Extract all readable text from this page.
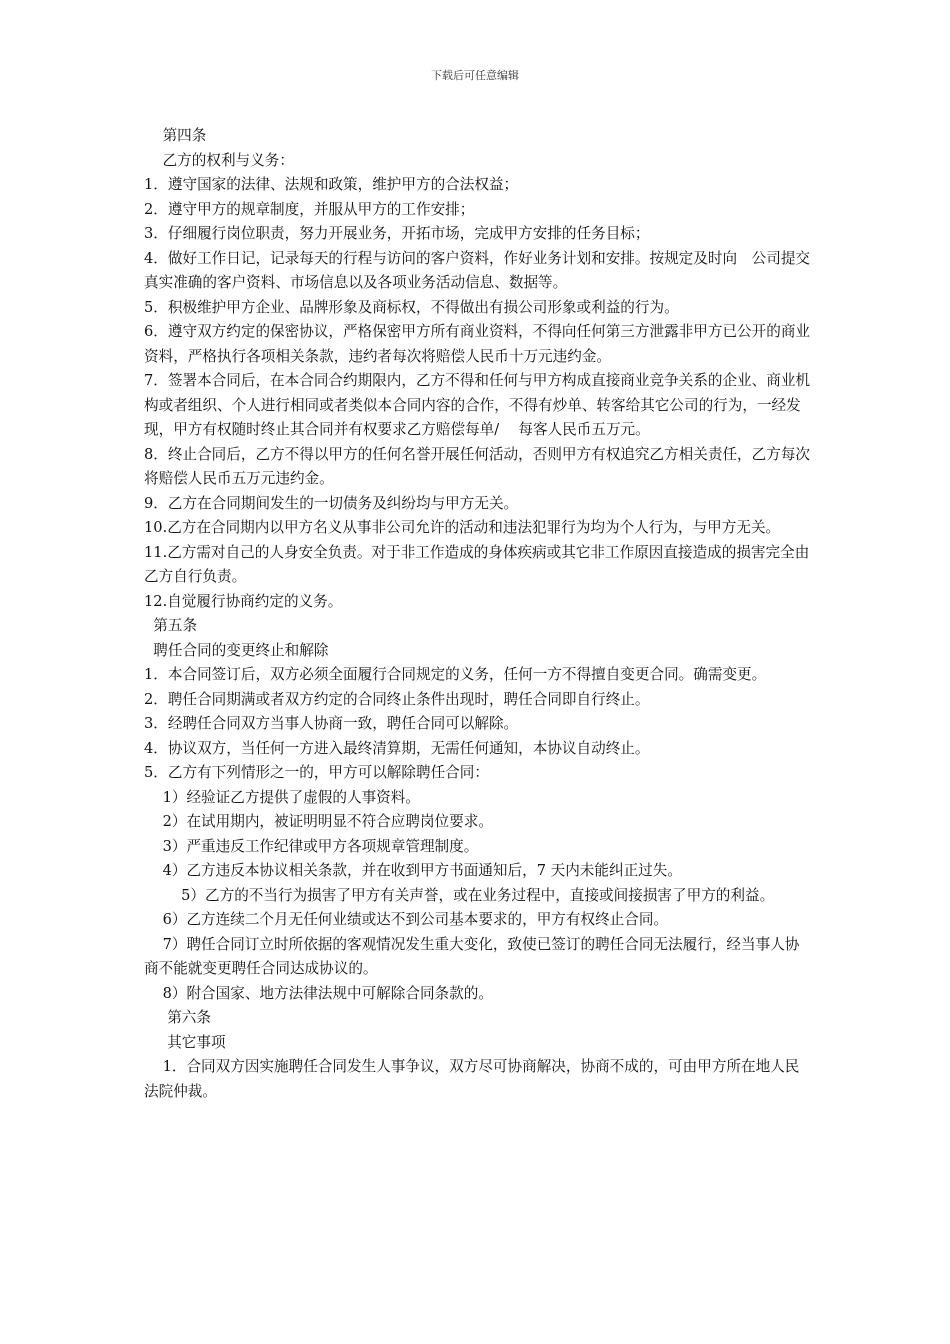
下载后可任意编辑

第四条

乙方的权利与义务：

1．遵守国家的法律、法规和政策，维护甲方的合法权益；

2．遵守甲方的规章制度，并服从甲方的工作安排；

3．仔细履行岗位职责，努力开展业务，开拓市场，完成甲方安排的任务目标；

4．做好工作日记，记录每天的行程与访问的客户资料，作好业务计划和安排。按规定及时向　公司提交真实准确的客户资料、市场信息以及各项业务活动信息、数据等。

5．积极维护甲方企业、品牌形象及商标权，不得做出有损公司形象或利益的行为。

6．遵守双方约定的保密协议，严格保密甲方所有商业资料，不得向任何第三方泄露非甲方已公开的商业资料，严格执行各项相关条款，违约者每次将赔偿人民币十万元违约金。

7．签署本合同后，在本合同合约期限内，乙方不得和任何与甲方构成直接商业竞争关系的企业、商业机构或者组织、个人进行相同或者类似本合同内容的合作，不得有炒单、转客给其它公司的行为，一经发现，甲方有权随时终止其合同并有权要求乙方赔偿每单/　 每客人民币五万元。

8．终止合同后，乙方不得以甲方的任何名誉开展任何活动，否则甲方有权追究乙方相关责任，乙方每次将赔偿人民币五万元违约金。

9．乙方在合同期间发生的一切债务及纠纷均与甲方无关。

10.乙方在合同期内以甲方名义从事非公司允许的活动和违法犯罪行为均为个人行为，与甲方无关。

11.乙方需对自己的人身安全负责。对于非工作造成的身体疾病或其它非工作原因直接造成的损害完全由乙方自行负责。

12.自觉履行协商约定的义务。

第五条

聘任合同的变更终止和解除

1．本合同签订后，双方必须全面履行合同规定的义务，任何一方不得擅自变更合同。确需变更。

2．聘任合同期满或者双方约定的合同终止条件出现时，聘任合同即自行终止。

3．经聘任合同双方当事人协商一致，聘任合同可以解除。

4．协议双方，当任何一方进入最终清算期，无需任何通知，本协议自动终止。

5．乙方有下列情形之一的，甲方可以解除聘任合同：

1）经验证乙方提供了虚假的人事资料。

2）在试用期内，被证明明显不符合应聘岗位要求。

3）严重违反工作纪律或甲方各项规章管理制度。

4）乙方违反本协议相关条款，并在收到甲方书面通知后，7 天内未能纠正过失。

5）乙方的不当行为损害了甲方有关声誉，或在业务过程中，直接或间接损害了甲方的利益。

6）乙方连续二个月无任何业绩或达不到公司基本要求的，甲方有权终止合同。

7）聘任合同订立时所依据的客观情况发生重大变化，致使已签订的聘任合同无法履行，经当事人协商不能就变更聘任合同达成协议的。

8）附合国家、地方法律法规中可解除合同条款的。

第六条

其它事项

1．合同双方因实施聘任合同发生人事争议，双方尽可协商解决，协商不成的，可由甲方所在地人民法院仲裁。
